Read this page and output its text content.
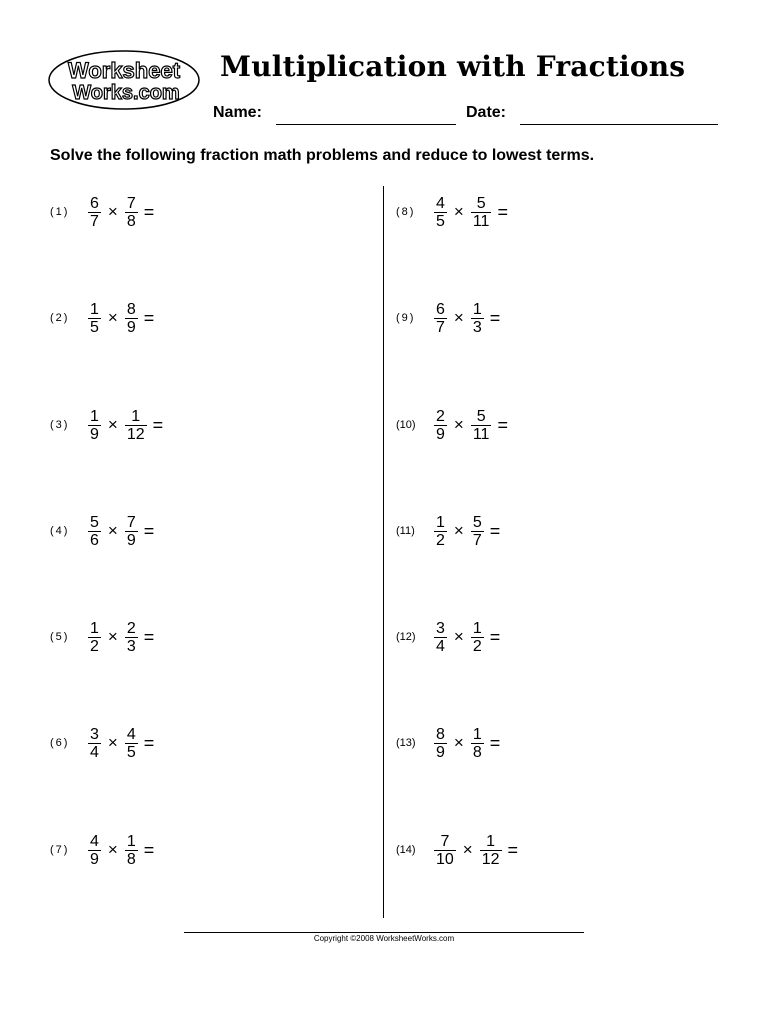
Worksheet
Works.com
Multiplication with Fractions
Name:	Date:
Solve the following fraction math problems and reduce to lowest terms.
(1)	$\frac{6}{7} \times \frac{7}{8}$ =
(2)	$\frac{1}{5} \times \frac{8}{9}$ =
(3)	$\frac{1}{9} \times \frac{1}{12}$ =
(4)	$\frac{5}{6} \times \frac{7}{9}$ =
(5)	$\frac{1}{2} \times \frac{2}{3}$ =
(6)	$\frac{3}{4} \times \frac{4}{5}$ =
(7)	$\frac{4}{9} \times \frac{1}{8}$ =
(8)	$\frac{4}{5} \times \frac{5}{11}$ =
(9)	$\frac{6}{7} \times \frac{1}{3}$ =
(10)	$\frac{2}{9} \times \frac{5}{11}$ =
(11)	$\frac{1}{2} \times \frac{5}{7}$ =
(12)	$\frac{3}{4} \times \frac{1}{2}$ =
(13)	$\frac{8}{9} \times \frac{1}{8}$ =
(14)	$\frac{7}{10} \times \frac{1}{12}$ =
Copyright ©2008 WorksheetWorks.com
